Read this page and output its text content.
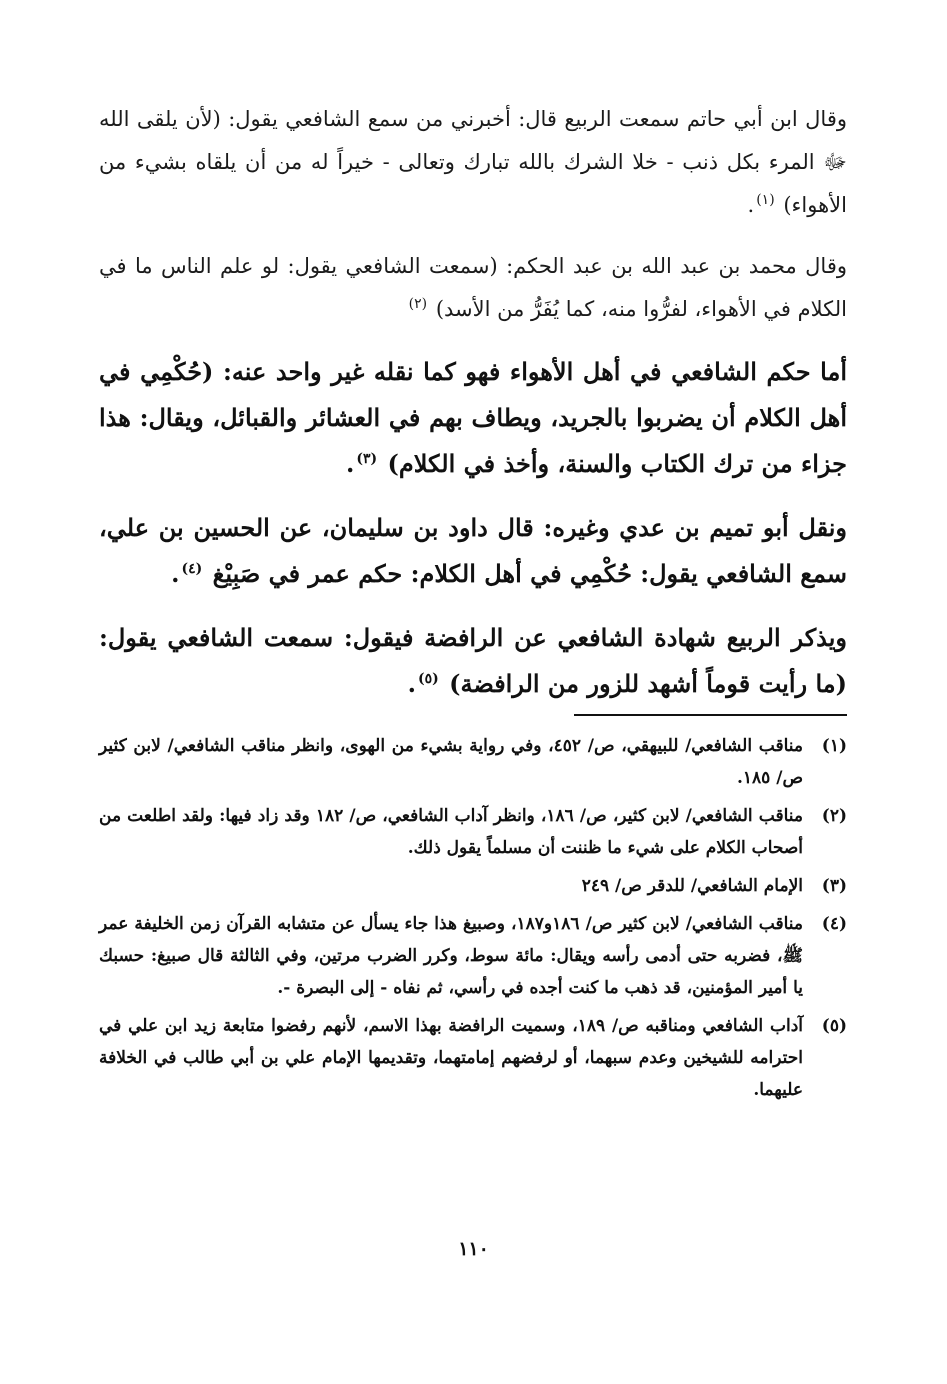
وقال ابن أبي حاتم سمعت الربيع قال: أخبرني من سمع الشافعي يقول: (لأن يلقى الله ﷻ المرء بكل ذنب - خلا الشرك بالله تبارك وتعالى - خيراً له من أن يلقاه بشيء من الأهواء) $^{(١)}$.

وقال محمد بن عبد الله بن عبد الحكم: (سمعت الشافعي يقول: لو علم الناس ما في الكلام في الأهواء، لفرُّوا منه، كما يُفَرُّ من الأسد) $^{(٢)}$

أما حكم الشافعي في أهل الأهواء فهو كما نقله غير واحد عنه: (حُكْمِي في أهل الكلام أن يضربوا بالجريد، ويطاف بهم في العشائر والقبائل، ويقال: هذا جزاء من ترك الكتاب والسنة، وأخذ في الكلام) $^{(٣)}$.

ونقل أبو تميم بن عدي وغيره: قال داود بن سليمان، عن الحسين بن علي، سمع الشافعي يقول: حُكْمِي في أهل الكلام: حكم عمر في صَبِيْغ $^{(٤)}$.

ويذكر الربيع شهادة الشافعي عن الرافضة فيقول: سمعت الشافعي يقول: (ما رأيت قوماً أشهد للزور من الرافضة) $^{(٥)}$.

(١)
مناقب الشافعي/ للبيهقي، ص/ ٤٥٢، وفي رواية بشيء من الهوى، وانظر مناقب الشافعي/ لابن كثير ص/ ١٨٥.
(٢)
مناقب الشافعي/ لابن كثير، ص/ ١٨٦، وانظر آداب الشافعي، ص/ ١٨٢ وقد زاد فيها: ولقد اطلعت من أصحاب الكلام على شيء ما ظننت أن مسلماً يقول ذلك.
(٣)
الإمام الشافعي/ للدقر ص/ ٢٤٩
(٤)
مناقب الشافعي/ لابن كثير ص/ ١٨٦و١٨٧، وصبيغ هذا جاء يسأل عن متشابه القرآن زمن الخليفة عمر ﷺ، فضربه حتى أدمى رأسه ويقال: مائة سوط، وكرر الضرب مرتين، وفي الثالثة قال صبيغ: حسبك يا أمير المؤمنين، قد ذهب ما كنت أجده في رأسي، ثم نفاه - إلى البصرة -.
(٥)
آداب الشافعي ومناقبه ص/ ١٨٩، وسميت الرافضة بهذا الاسم، لأنهم رفضوا متابعة زيد ابن علي في احترامه للشيخين وعدم سبهما، أو لرفضهم إمامتهما، وتقديمها الإمام علي بن أبي طالب في الخلافة عليهما.
١١٠
